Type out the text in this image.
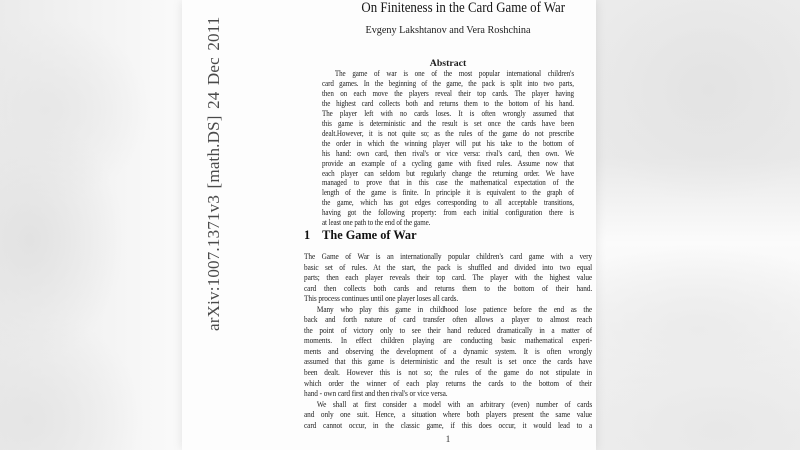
arXiv:1007.1371v3 [math.DS] 24 Dec 2011
On Finiteness in the Card Game of War
Evgeny Lakshtanov and Vera Roshchina
Abstract
The game of war is one of the most popular international children's
card games. In the beginning of the game, the pack is split into two parts,
then on each move the players reveal their top cards. The player having
the highest card collects both and returns them to the bottom of his hand.
The player left with no cards loses. It is often wrongly assumed that
this game is deterministic and the result is set once the cards have been
dealt.However, it is not quite so; as the rules of the game do not prescribe
the order in which the winning player will put his take to the bottom of
his hand: own card, then rival's or vice versa: rival's card, then own. We
provide an example of a cycling game with fixed rules. Assume now that
each player can seldom but regularly change the returning order. We have
managed to prove that in this case the mathematical expectation of the
length of the game is finite. In principle it is equivalent to the graph of
the game, which has got edges corresponding to all acceptable transitions,
having got the following property: from each initial configuration there is
at least one path to the end of the game.
1 The Game of War
The Game of War is an internationally popular children's card game with a very
basic set of rules. At the start, the pack is shuffled and divided into two equal
parts; then each player reveals their top card. The player with the highest value
card then collects both cards and returns them to the bottom of their hand.
This process continues until one player loses all cards.
Many who play this game in childhood lose patience before the end as the
back and forth nature of card transfer often allows a player to almost reach
the point of victory only to see their hand reduced dramatically in a matter of
moments. In effect children playing are conducting basic mathematical experi-
ments and observing the development of a dynamic system. It is often wrongly
assumed that this game is deterministic and the result is set once the cards have
been dealt. However this is not so; the rules of the game do not stipulate in
which order the winner of each play returns the cards to the bottom of their
hand - own card first and then rival's or vice versa.
We shall at first consider a model with an arbitrary (even) number of cards
and only one suit. Hence, a situation where both players present the same value
card cannot occur, in the classic game, if this does occur, it would lead to a
1
